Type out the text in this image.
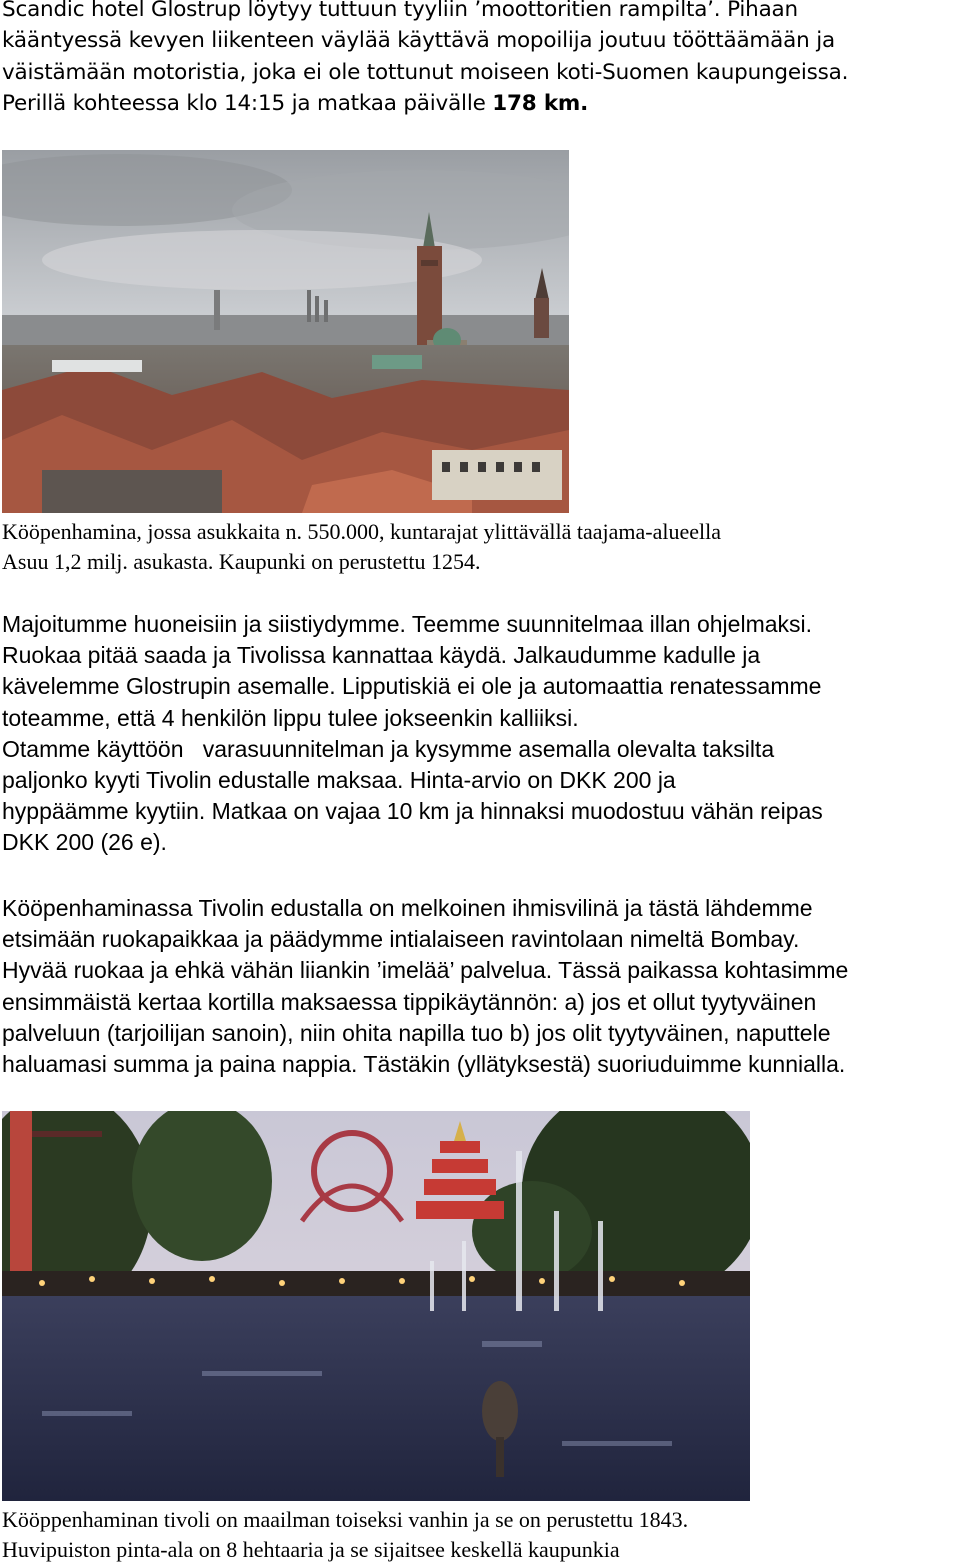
Scandic hotel Glostrup löytyy tuttuun tyyliin ’moottoritien rampilta’. Pihaan
kääntyessä kevyen liikenteen väylää käyttävä mopoilija joutuu tööttäämään ja
väistämään motoristia, joka ei ole tottunut moiseen koti-Suomen kaupungeissa.
Perillä kohteessa klo 14:15 ja matkaa päivälle 178 km.
Kööpenhamina, jossa asukkaita n. 550.000, kuntarajat ylittävällä taajama-alueella
Asuu 1,2 milj. asukasta. Kaupunki on perustettu 1254.
Majoitumme huoneisiin ja siistiydymme. Teemme suunnitelmaa illan ohjelmaksi.
Ruokaa pitää saada ja Tivolissa kannattaa käydä. Jalkaudumme kadulle ja
kävelemme Glostrupin asemalle. Lipputiskiä ei ole ja automaattia renatessamme
toteamme, että 4 henkilön lippu tulee jokseenkin kalliiksi.
Otamme käyttöön   varasuunnitelman ja kysymme asemalla olevalta taksilta
paljonko kyyti Tivolin edustalle maksaa. Hinta-arvio on DKK 200 ja
hyppäämme kyytiin. Matkaa on vajaa 10 km ja hinnaksi muodostuu vähän reipas
DKK 200 (26 e).
Kööpenhaminassa Tivolin edustalla on melkoinen ihmisvilinä ja tästä lähdemme
etsimään ruokapaikkaa ja päädymme intialaiseen ravintolaan nimeltä Bombay.
Hyvää ruokaa ja ehkä vähän liiankin ’imelää’ palvelua. Tässä paikassa kohtasimme
ensimmäistä kertaa kortilla maksaessa tippikäytännön: a) jos et ollut tyytyväinen
palveluun (tarjoilijan sanoin), niin ohita napilla tuo b) jos olit tyytyväinen, naputtele
haluamasi summa ja paina nappia. Tästäkin (yllätyksestä) suoriuduimme kunnialla.
Kööppenhaminan tivoli on maailman toiseksi vanhin ja se on perustettu 1843.
Huvipuiston pinta-ala on 8 hehtaaria ja se sijaitsee keskellä kaupunkia
